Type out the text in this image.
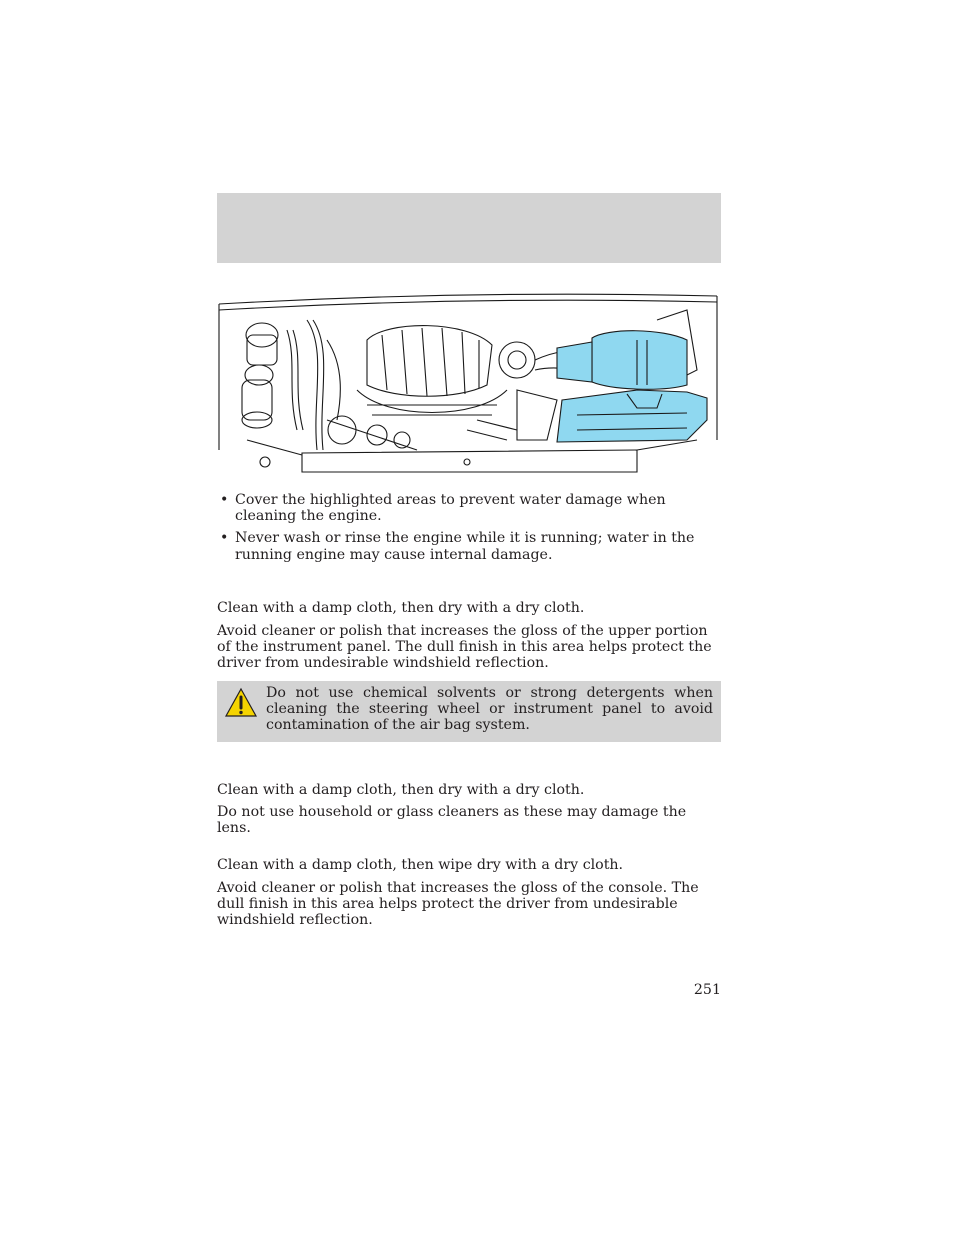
• Cover the highlighted areas to prevent water damage when cleaning the engine.
• Never wash or rinse the engine while it is running; water in the running engine may cause internal damage.

Clean with a damp cloth, then dry with a dry cloth.

Avoid cleaner or polish that increases the gloss of the upper portion of the instrument panel. The dull finish in this area helps protect the driver from undesirable windshield reflection.

Do not use chemical solvents or strong detergents when cleaning the steering wheel or instrument panel to avoid contamination of the air bag system.

Clean with a damp cloth, then dry with a dry cloth.

Do not use household or glass cleaners as these may damage the lens.

Clean with a damp cloth, then wipe dry with a dry cloth.

Avoid cleaner or polish that increases the gloss of the console. The dull finish in this area helps protect the driver from undesirable windshield reflection.

251
